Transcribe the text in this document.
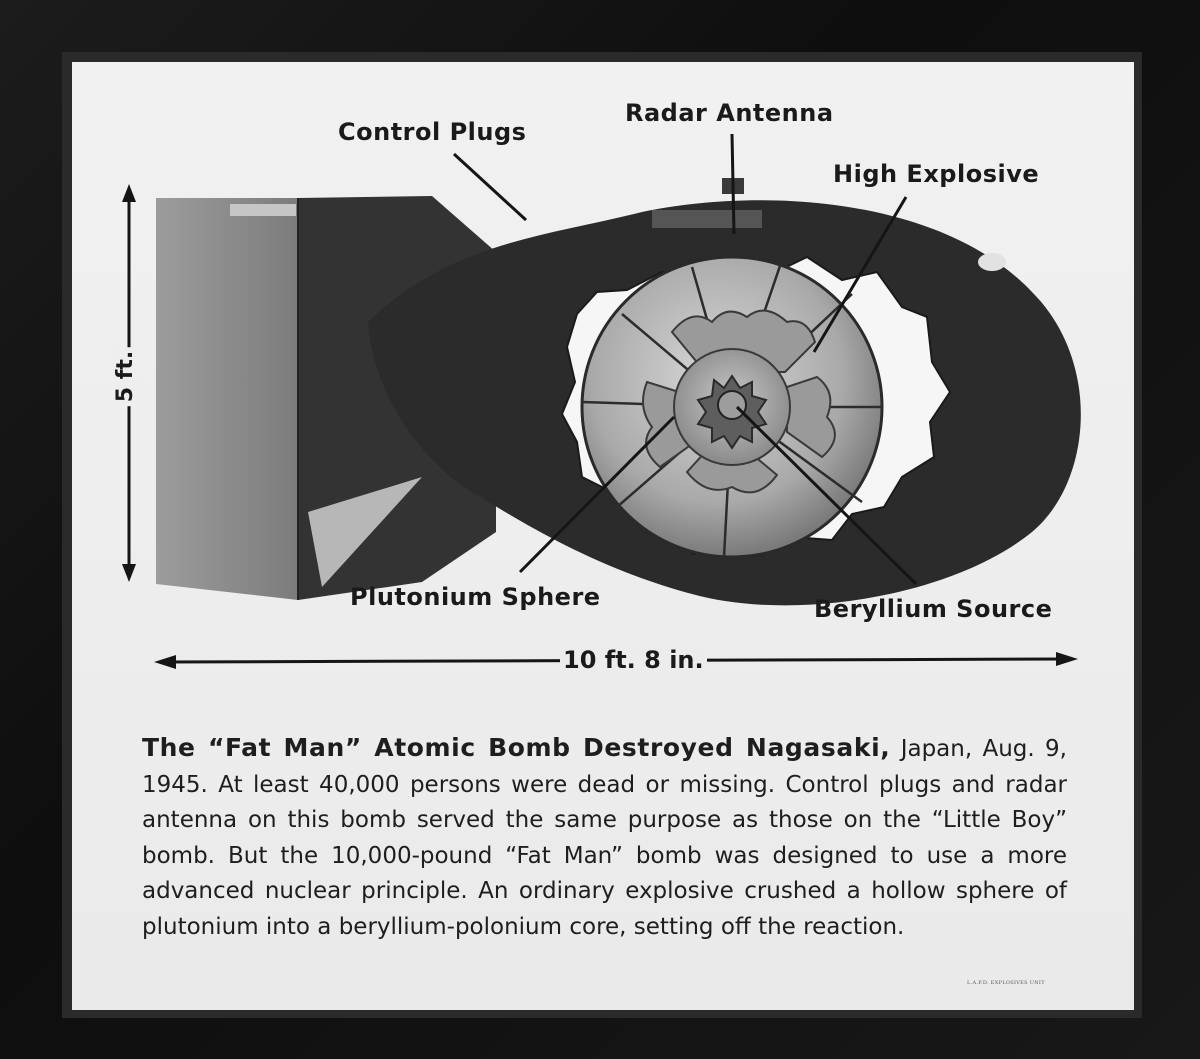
Control Plugs
Radar Antenna
High Explosive
Plutonium Sphere	Beryllium Source
5 ft.
10 ft. 8 in.
The “Fat Man” Atomic Bomb Destroyed Nagasaki, Japan, Aug. 9, 1945. At least 40,000 persons were dead or missing. Control plugs and radar antenna on this bomb served the same purpose as those on the “Little Boy” bomb. But the 10,000-pound “Fat Man” bomb was designed to use a more advanced nuclear principle. An ordinary explosive crushed a hollow sphere of plutonium into a beryllium-polonium core, setting off the reaction.
L.A.P.D. EXPLOSIVES UNIT
